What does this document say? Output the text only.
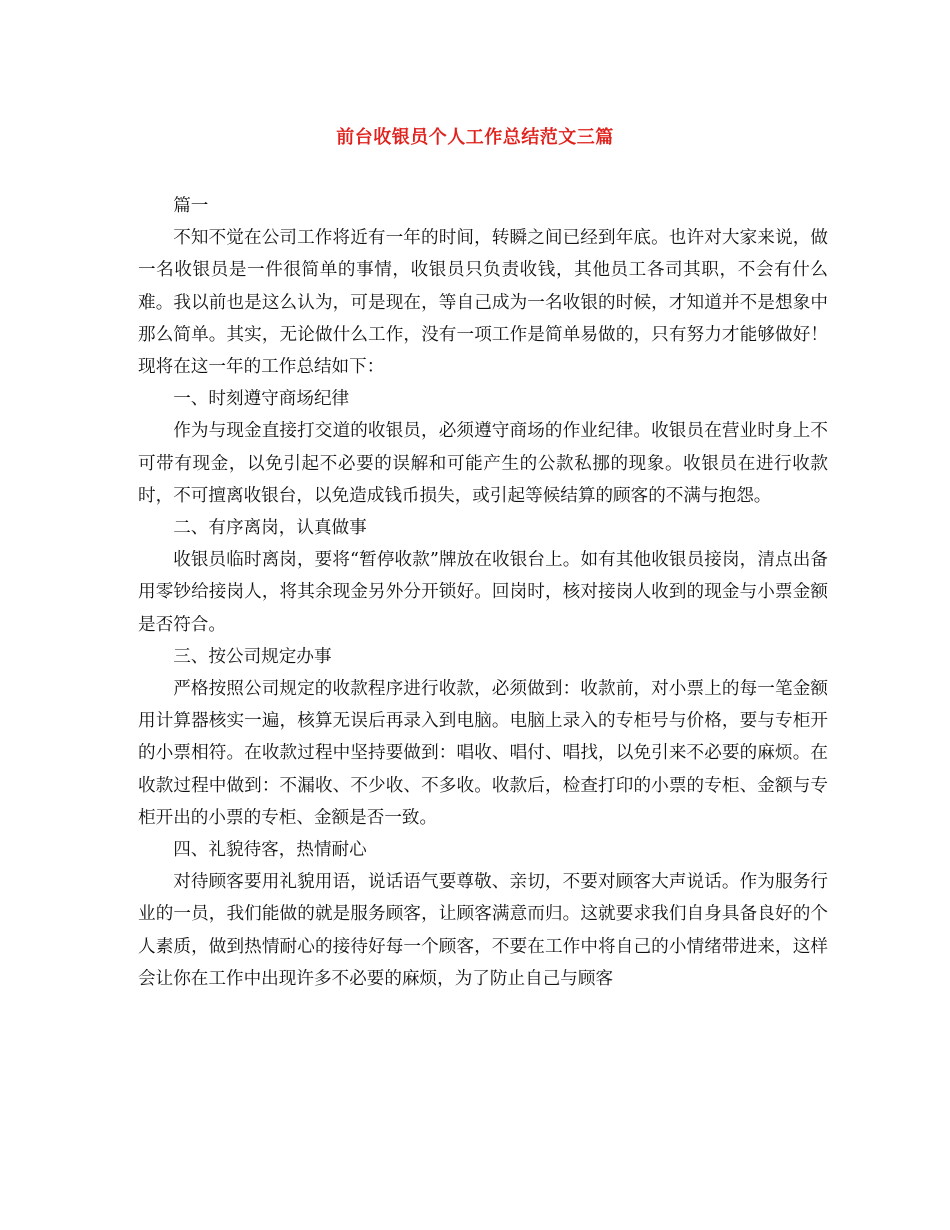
前台收银员个人工作总结范文三篇

篇一

不知不觉在公司工作将近有一年的时间，转瞬之间已经到年底。也许对大家来说，做一名收银员是一件很简单的事情，收银员只负责收钱，其他员工各司其职，不会有什么难。我以前也是这么认为，可是现在，等自己成为一名收银的时候，才知道并不是想象中那么简单。其实，无论做什么工作，没有一项工作是简单易做的，只有努力才能够做好！现将在这一年的工作总结如下：

一、时刻遵守商场纪律

作为与现金直接打交道的收银员，必须遵守商场的作业纪律。收银员在营业时身上不可带有现金，以免引起不必要的误解和可能产生的公款私挪的现象。收银员在进行收款时，不可擅离收银台，以免造成钱币损失，或引起等候结算的顾客的不满与抱怨。

二、有序离岗，认真做事

收银员临时离岗，要将“暂停收款”牌放在收银台上。如有其他收银员接岗，清点出备用零钞给接岗人，将其余现金另外分开锁好。回岗时，核对接岗人收到的现金与小票金额是否符合。

三、按公司规定办事

严格按照公司规定的收款程序进行收款，必须做到：收款前，对小票上的每一笔金额用计算器核实一遍，核算无误后再录入到电脑。电脑上录入的专柜号与价格，要与专柜开的小票相符。在收款过程中坚持要做到：唱收、唱付、唱找，以免引来不必要的麻烦。在收款过程中做到：不漏收、不少收、不多收。收款后，检查打印的小票的专柜、金额与专柜开出的小票的专柜、金额是否一致。

四、礼貌待客，热情耐心

对待顾客要用礼貌用语，说话语气要尊敬、亲切，不要对顾客大声说话。作为服务行业的一员，我们能做的就是服务顾客，让顾客满意而归。这就要求我们自身具备良好的个人素质，做到热情耐心的接待好每一个顾客，不要在工作中将自己的小情绪带进来，这样会让你在工作中出现许多不必要的麻烦，为了防止自己与顾客
